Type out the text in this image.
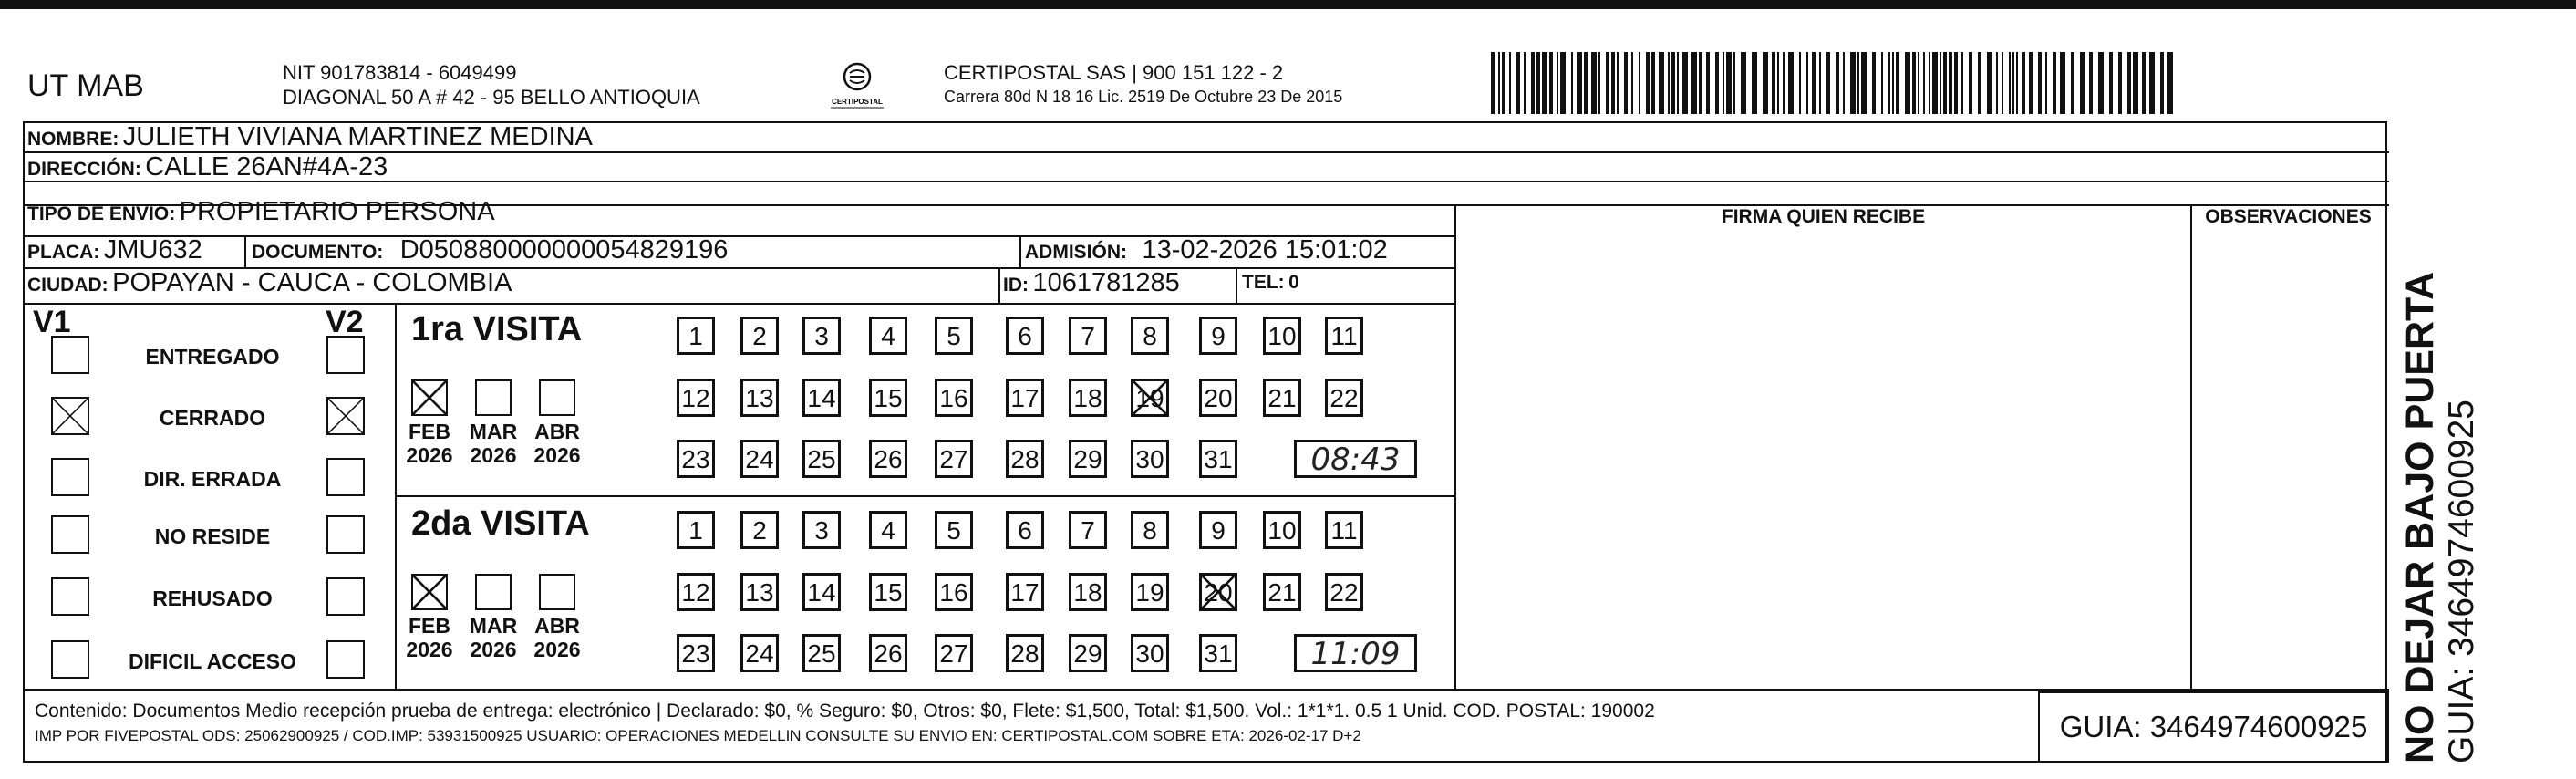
UT MAB	NIT 901783814 - 6049499
DIAGONAL 50 A # 42 - 95 BELLO ANTIOQUIA	CERTIPOSTAL
CERTIPOSTAL SAS | 900 151 122 - 2
Carrera 80d N 18 16 Lic. 2519 De Octubre 23 De 2015
NOMBRE: JULIETH VIVIANA MARTINEZ MEDINA
DIRECCIÓN: CALLE 26AN#4A-23
TIPO DE ENVIO: PROPIETARIO PERSONA
PLACA: JMU632	DOCUMENTO: D050880000000054829196	ADMISIÓN: 13-02-2026 15:01:02
CIUDAD: POPAYAN - CAUCA - COLOMBIA	ID: 1061781285	TEL: 0
FIRMA QUIEN RECIBE	OBSERVACIONES
V1	V2
ENTREGADO
CERRADO
DIR. ERRADA
NO RESIDE
REHUSADO
DIFICIL ACCESO
1ra VISITA
FEB
2026
MAR
2026
ABR
2026
1	2	3	4	5	6	7	8	9	10 11
12 13 14 15 16 17 18 19 20 21 22
23 24 25 26 27 28 29 30 31	08:43
2da VISITA
FEB
2026
MAR
2026
ABR
2026
1	2	3	4	5	6	7	8	9	10 11
12 13 14 15 16 17 18 19 20 21 22
23 24 25 26 27 28 29 30 31	11:09
Contenido: Documentos Medio recepción prueba de entrega: electrónico | Declarado: $0, % Seguro: $0, Otros: $0, Flete: $1,500, Total: $1,500. Vol.: 1*1*1. 0.5 1 Unid. COD. POSTAL: 190002
IMP POR FIVEPOSTAL ODS: 25062900925 / COD.IMP: 53931500925 USUARIO: OPERACIONES MEDELLIN CONSULTE SU ENVIO EN: CERTIPOSTAL.COM SOBRE ETA: 2026-02-17 D+2	GUIA: 3464974600925 NO DEJAR BAJO PUERTA GUIA: 3464974600925
